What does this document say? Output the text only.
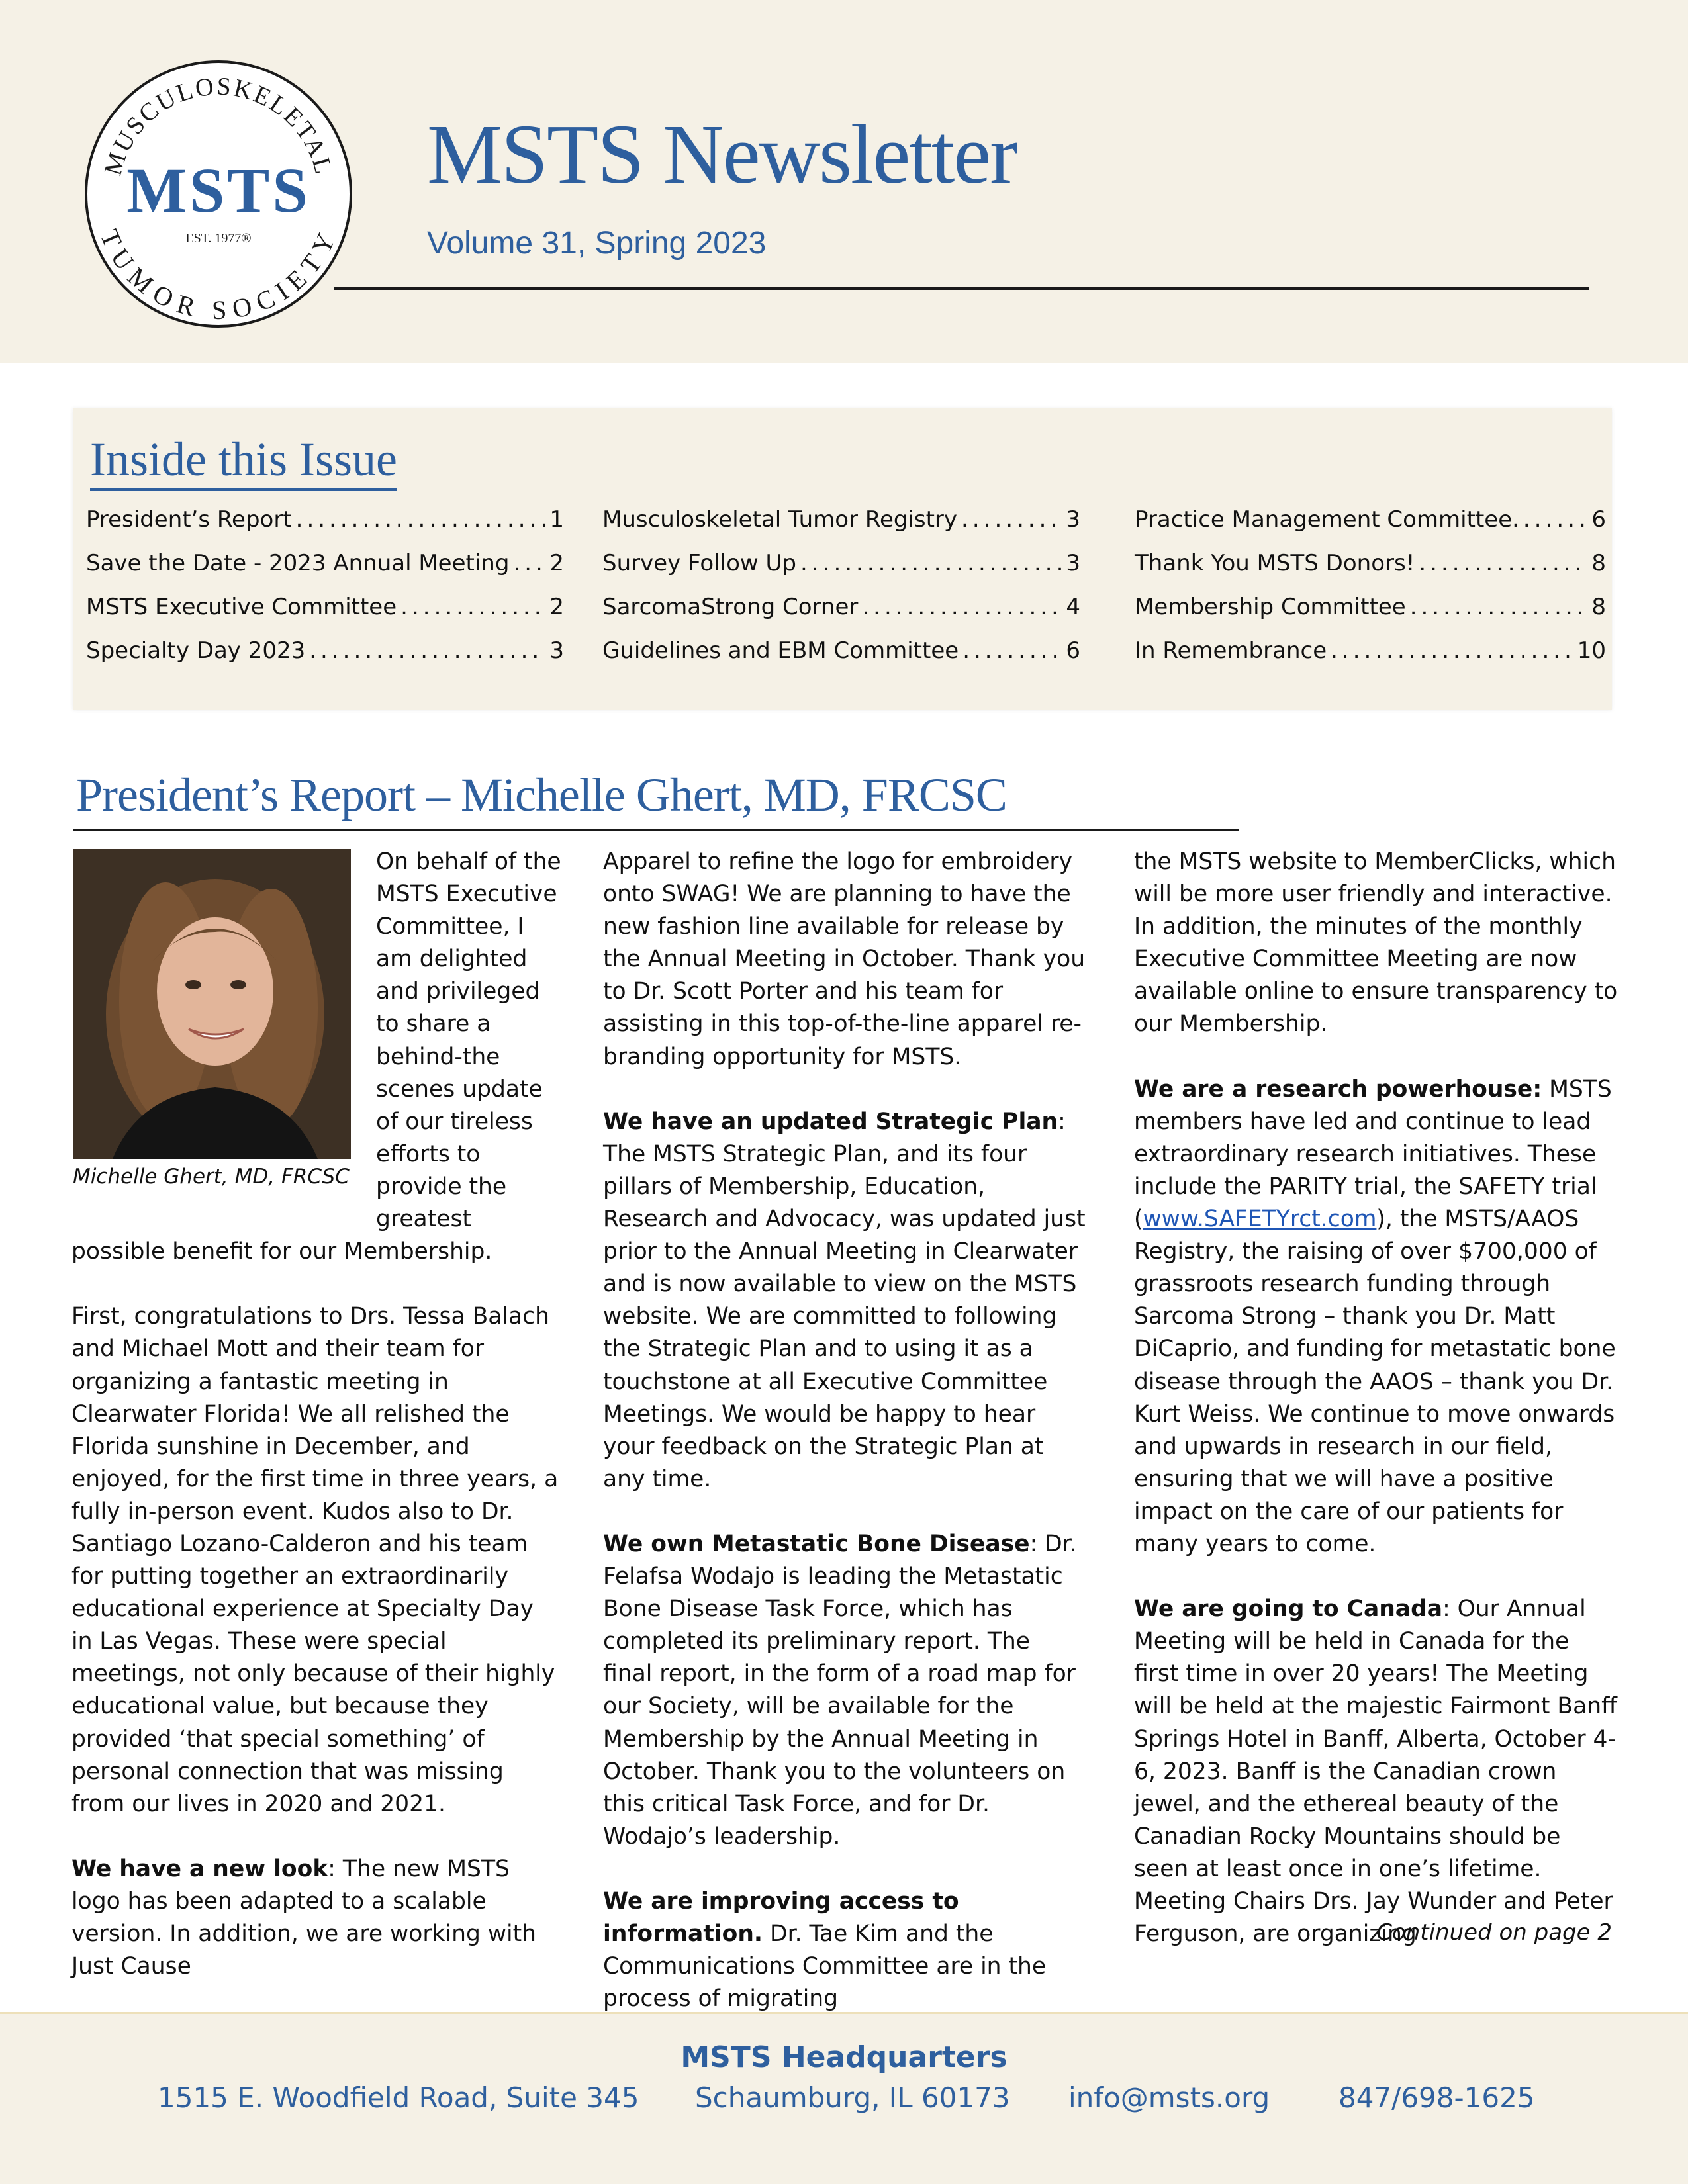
MUSCULOSKELETAL
TUMOR SOCIETY
MSTS
EST. 1977®
MSTS Newsletter
Volume 31, Spring 2023
Inside this Issue
President’s Report .....	1
Save the Date - 2023 Annual Meeting ..... 2
MSTS Executive Committee .....	2
Specialty Day 2023 .....	3
Musculoskeletal Tumor Registry .....	3
Survey Follow Up .....	3
SarcomaStrong Corner .....	4
Guidelines and EBM Committee .....	6
Practice Management Committee. .....	6
Thank You MSTS Donors! .....	8
Membership Committee .....	8
In Remembrance .....	10
President’s Report – Michelle Ghert, MD, FRCSC
Michelle Ghert, MD, FRCSC
On behalf of the MSTS Executive Committee, I am delighted and privileged to share a behind-the scenes update of our tireless efforts to provide the greatest possible benefit for our Membership.
First, congratulations to Drs. Tessa Balach and Michael Mott and their team for organizing a fantastic meeting in Clearwater Florida! We all relished the Florida sunshine in December, and enjoyed, for the first time in three years, a fully in-person event. Kudos also to Dr. Santiago Lozano-Calderon and his team for putting together an extraordinarily educational experience at Specialty Day in Las Vegas. These were special meetings, not only because of their highly educational value, but because they provided ‘that special something’ of personal connection that was missing from our lives in 2020 and 2021.
We have a new look: The new MSTS logo has been adapted to a scalable version. In addition, we are working with Just Cause
Apparel to refine the logo for embroidery onto SWAG! We are planning to have the new fashion line available for release by the Annual Meeting in October. Thank you to Dr. Scott Porter and his team for assisting in this top-of-the-line apparel re-branding opportunity for MSTS.
We have an updated Strategic Plan: The MSTS Strategic Plan, and its four pillars of Membership, Education, Research and Advocacy, was updated just prior to the Annual Meeting in Clearwater and is now available to view on the MSTS website. We are committed to following the Strategic Plan and to using it as a touchstone at all Executive Committee Meetings. We would be happy to hear your feedback on the Strategic Plan at any time.
We own Metastatic Bone Disease: Dr. Felafsa Wodajo is leading the Metastatic Bone Disease Task Force, which has completed its preliminary report. The final report, in the form of a road map for our Society, will be available for the Membership by the Annual Meeting in October. Thank you to the volunteers on this critical Task Force, and for Dr. Wodajo’s leadership.
We are improving access to information. Dr. Tae Kim and the Communications Committee are in the process of migrating
the MSTS website to MemberClicks, which will be more user friendly and interactive. In addition, the minutes of the monthly Executive Committee Meeting are now available online to ensure transparency to our Membership.
We are a research powerhouse: MSTS members have led and continue to lead extraordinary research initiatives. These include the PARITY trial, the SAFETY trial (www.SAFETYrct.com), the MSTS/AAOS Registry, the raising of over $700,000 of grassroots research funding through Sarcoma Strong – thank you Dr. Matt DiCaprio, and funding for metastatic bone disease through the AAOS – thank you Dr. Kurt Weiss. We continue to move onwards and upwards in research in our field, ensuring that we will have a positive impact on the care of our patients for many years to come.
We are going to Canada: Our Annual Meeting will be held in Canada for the first time in over 20 years! The Meeting will be held at the majestic Fairmont Banff Springs Hotel in Banff, Alberta, October 4-6, 2023. Banff is the Canadian crown jewel, and the ethereal beauty of the Canadian Rocky Mountains should be seen at least once in one’s lifetime. Meeting Chairs Drs. Jay Wunder and Peter Ferguson, are organizing
Continued on page 2
MSTS Headquarters
1515 E. Woodfield Road, Suite 345 Schaumburg, IL 60173 info@msts.org 847/698-1625
